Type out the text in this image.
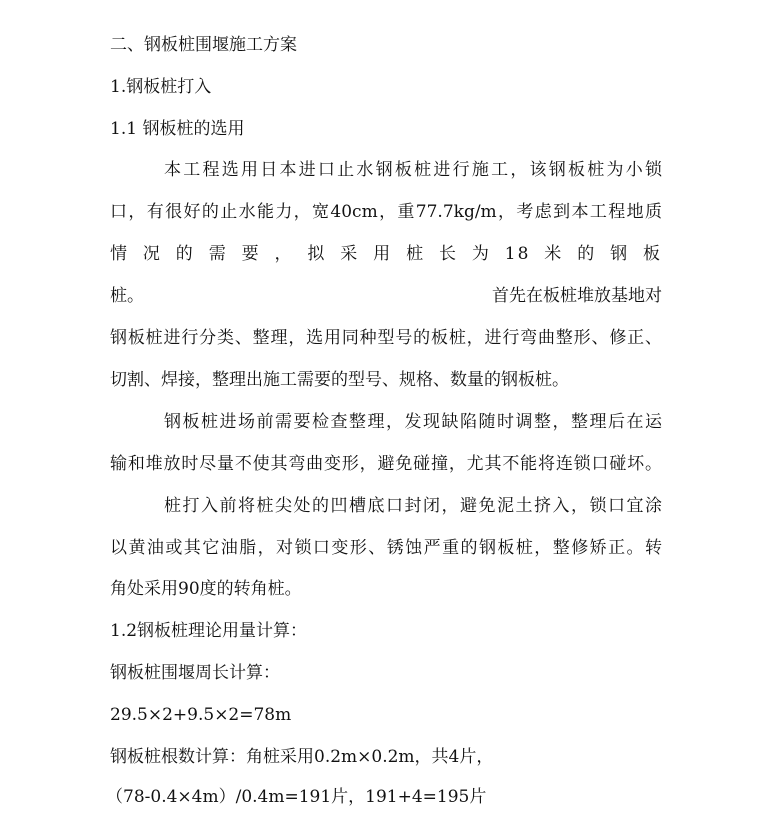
二、钢板桩围堰施工方案

1.钢板桩打入

1.1 钢板桩的选用

本工程选用日本进口止水钢板桩进行施工，该钢板桩为小锁

口，有很好的止水能力，宽40cm，重77.7kg/m，考虑到本工程地质

情况的需要，拟采用桩长为18米的钢板

桩。	首先在板桩堆放基地对

钢板桩进行分类、整理，选用同种型号的板桩，进行弯曲整形、修正、

切割、焊接，整理出施工需要的型号、规格、数量的钢板桩。

钢板桩进场前需要检查整理，发现缺陷随时调整，整理后在运

输和堆放时尽量不使其弯曲变形，避免碰撞，尤其不能将连锁口碰坏。

桩打入前将桩尖处的凹槽底口封闭，避免泥土挤入，锁口宜涂

以黄油或其它油脂，对锁口变形、锈蚀严重的钢板桩，整修矫正。转

角处采用90度的转角桩。

1.2钢板桩理论用量计算：

钢板桩围堰周长计算：

29.5×2+9.5×2=78m

钢板桩根数计算：角桩采用0.2m×0.2m，共4片，

（78-0.4×4m）/0.4m=191片，191+4=195片
